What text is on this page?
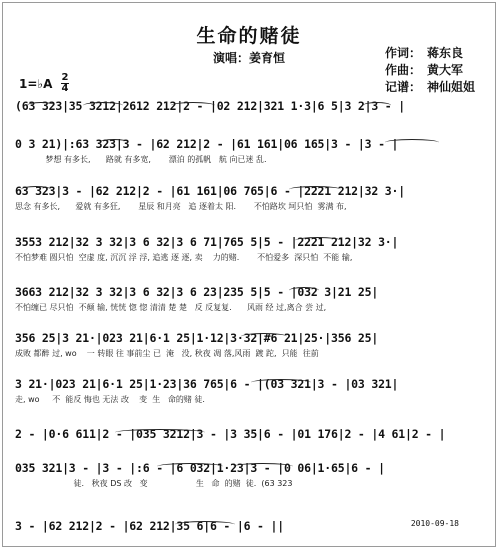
生命的赌徒
演唱：姜育恒	作词： 蒋东良
作曲： 黄大军
记谱： 神仙姐姐
1=♭A 2
4
(63 323|35 3212|2612 212|2 - |02 212|321 1·3|6 5|3 2|3 - |
0 3 21)|:63 323|3 - |62 212|2 - |61 161|06 165|3 - |3 - |
梦想 有多长,      路就 有多宽,       漂泊 的孤帆   航 向已迷 乱.
63 323|3 - |62 212|2 - |61 161|06 765|6 - |2221 212|32 3·|
思念 有多长,      爱就 有多狂,       星辰 和月亮   追 逐着太 阳.       不怕路坎 坷只怕  雾满 布,
3553 212|32 3 32|3 6 32|3 6 71|765 5|5 - |2221 212|32 3·|
不怕梦难 圆只怕  空虚 度, 沉沉 浮 浮, 追逃 逐 逐, 卖    力的赌.       不怕爱多  深只怕  不能 输,
3663 212|32 3 32|3 6 32|3 6 23|235 5|5 - |032 3|21 25|
不怕缠已 尽只怕  不颠 输, 恍恍 惚 惚 清清 楚 楚   反 反复复.      风雨 经 过,离合 尝 过,
356 25|3 21·|023 21|6·1 25|1·12|3·32|#6 21|25·|356 25|
成败 都醉 过, wo    一 转眼 往 事前尘 已  淹   没, 秋夜 凋 落,风雨  踱 跎,  只能  往前
3 21·|023 21|6·1 25|1·23|36 765|6 - |(03 321|3 - |03 321|
走, wo     不  能反 悔也 无法 改    变  生   命的赌 徒.
2 - |0·6 611|2 - |035 3212|3 - |3 35|6 - |01 176|2 - |4 61|2 - |
035 321|3 - |3 - |:6 - |6 032|1·23|3 - |0 06|1·65|6 - |
徒.   秋夜 DS 改   变                   生   命  的赌  徒.  (63 323
3 - |62 212|2 - |62 212|35 6|6 - |6 - ||	2010-09-18
